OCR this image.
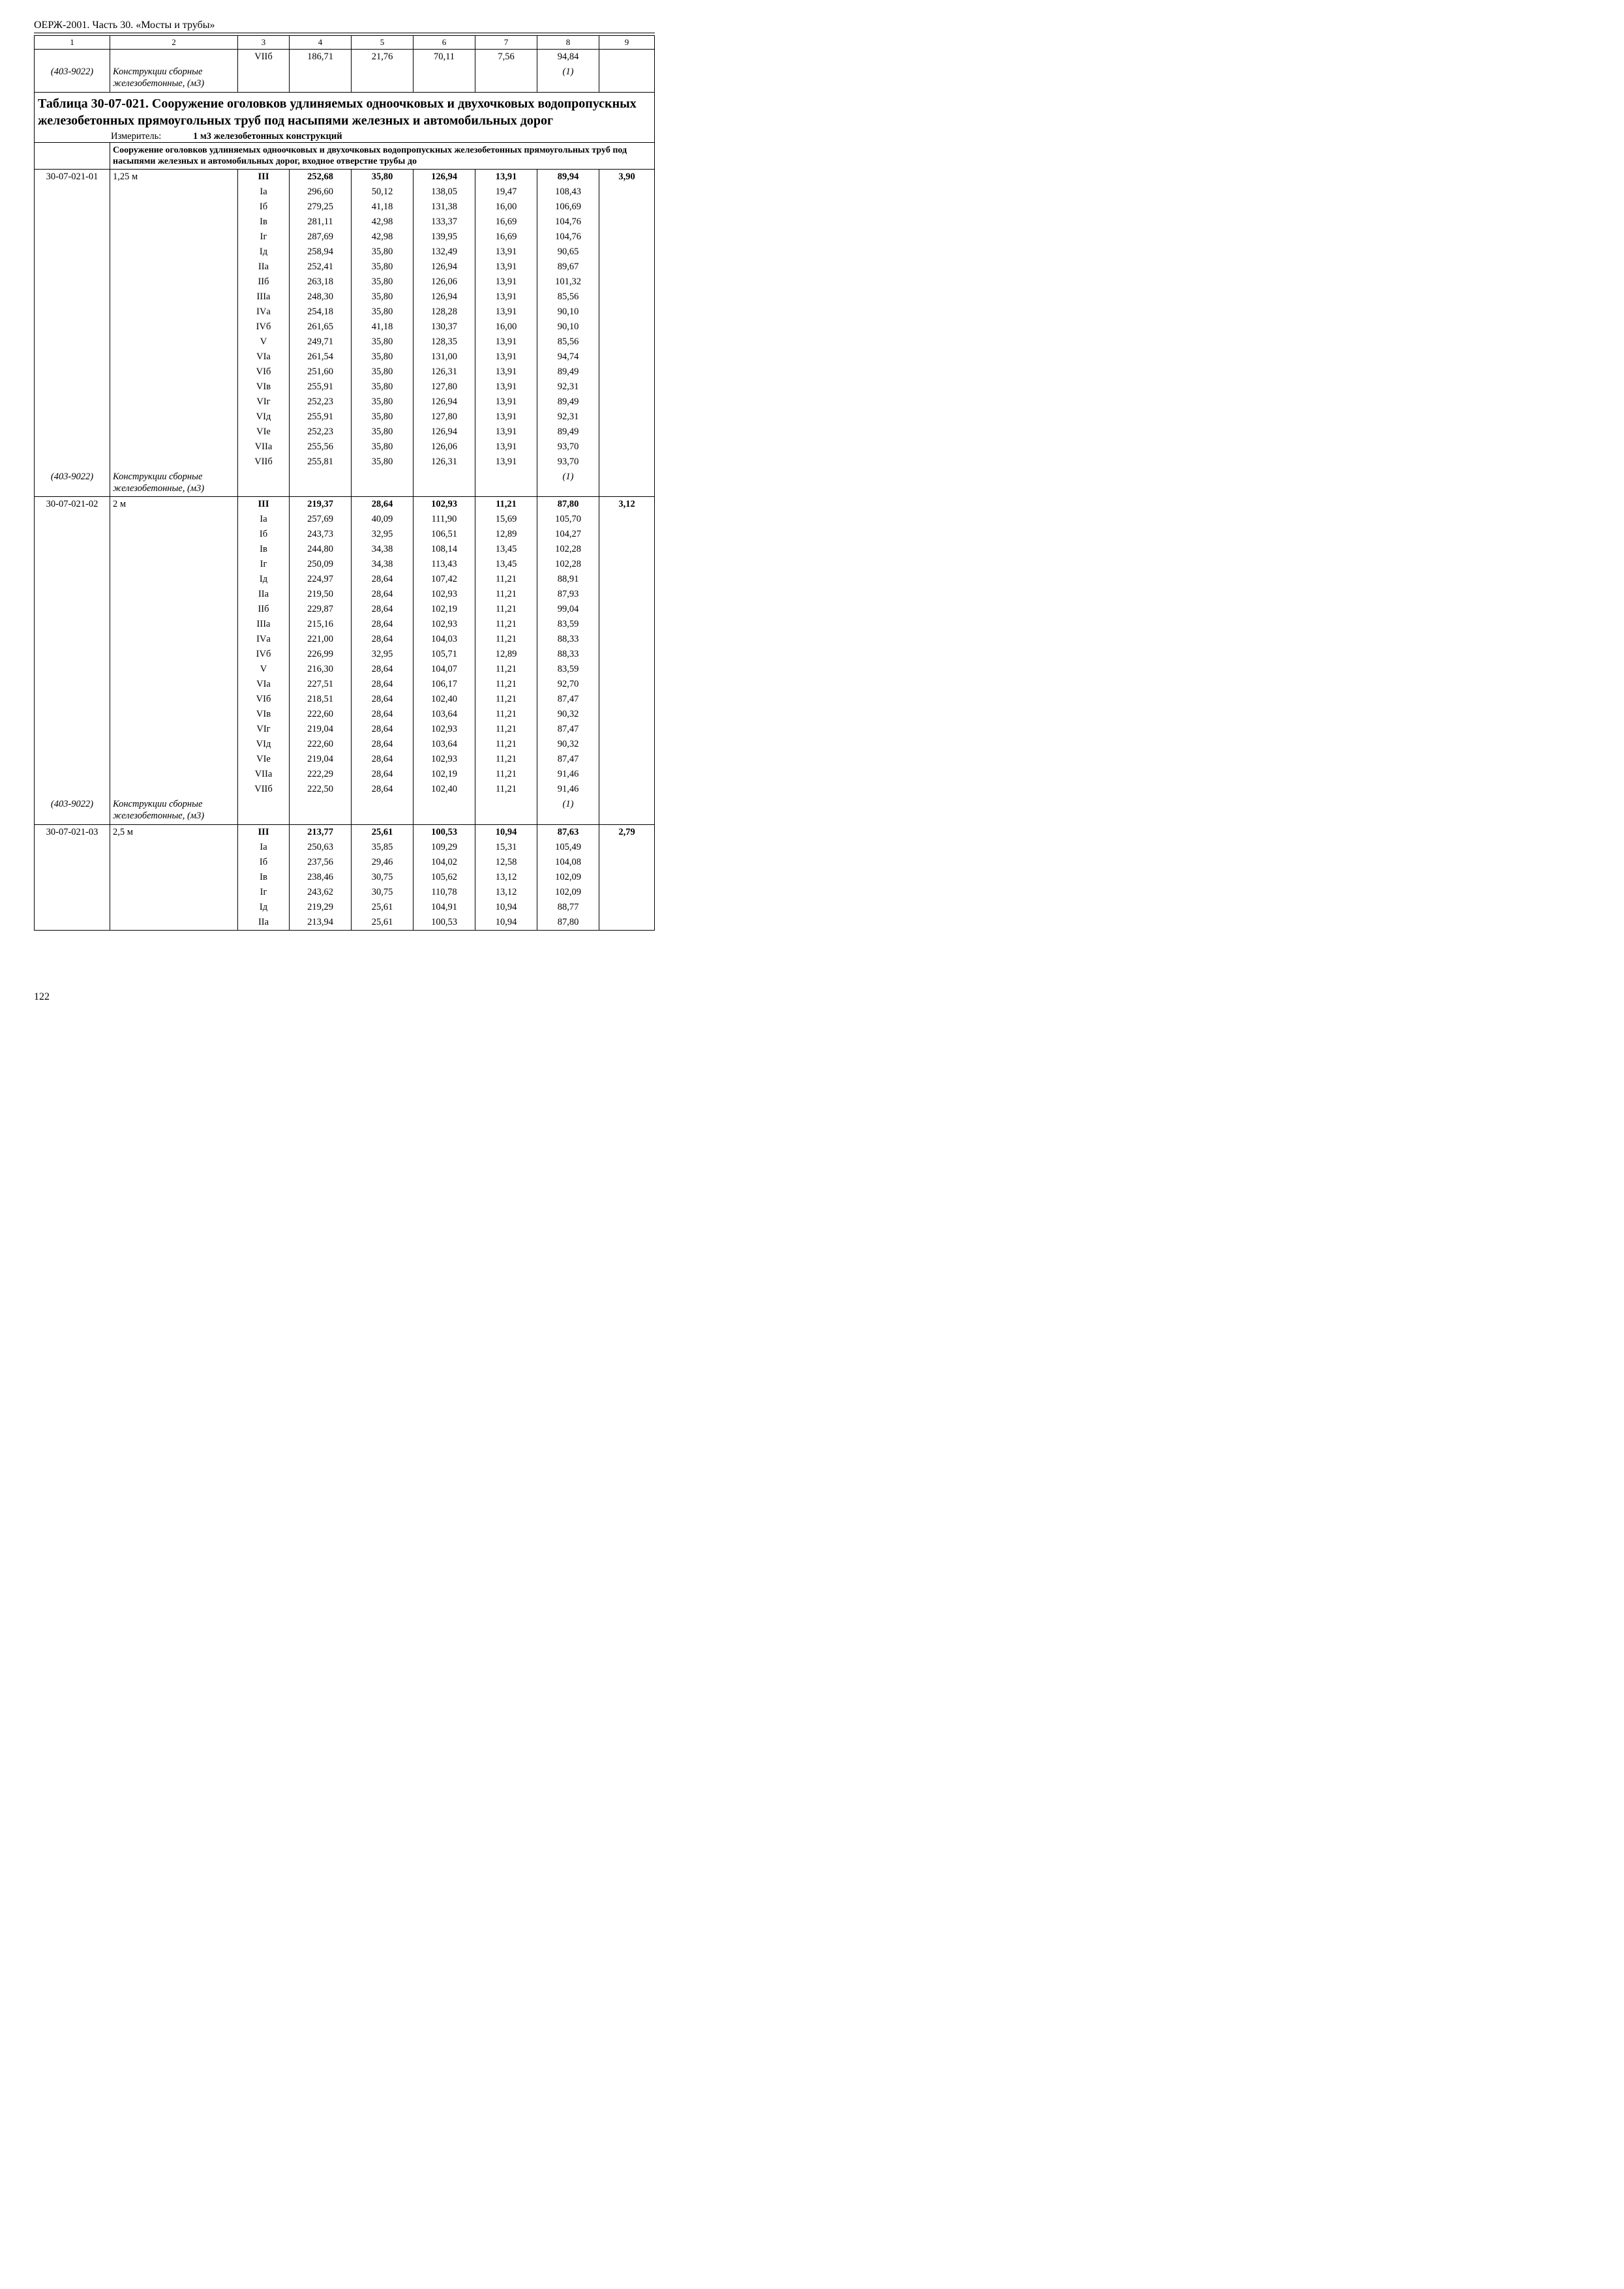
ОЕРЖ-2001. Часть 30. «Мосты и трубы»
1	2	3	4	5	6	7	8	9
		VIIб	186,71	21,76	70,11	7,56	94,84	
(403-9022)	Конструкции сборные железобетонные, (м3)						(1)	
Таблица 30-07-021. Сооружение оголовков удлиняемых одноочковых и двухочковых водопропускных железобетонных прямоугольных труб под насыпями железных и автомобильных дорог								
Измеритель: 1 м3 железобетонных конструкций								
	Сооружение оголовков удлиняемых одноочковых и двухочковых водопропускных железобетонных прямоугольных труб под насыпями железных и автомобильных дорог, входное отверстие трубы до							
30-07-021-01	1,25 м	III	252,68	35,80	126,94	13,91	89,94	3,90
		Iа	296,60	50,12	138,05	19,47	108,43	
		Iб	279,25	41,18	131,38	16,00	106,69	
		Iв	281,11	42,98	133,37	16,69	104,76	
		Iг	287,69	42,98	139,95	16,69	104,76	
		Iд	258,94	35,80	132,49	13,91	90,65	
		IIа	252,41	35,80	126,94	13,91	89,67	
		IIб	263,18	35,80	126,06	13,91	101,32	
		IIIа	248,30	35,80	126,94	13,91	85,56	
		IVа	254,18	35,80	128,28	13,91	90,10	
		IVб	261,65	41,18	130,37	16,00	90,10	
		V	249,71	35,80	128,35	13,91	85,56	
		VIа	261,54	35,80	131,00	13,91	94,74	
		VIб	251,60	35,80	126,31	13,91	89,49	
		VIв	255,91	35,80	127,80	13,91	92,31	
		VIг	252,23	35,80	126,94	13,91	89,49	
		VIд	255,91	35,80	127,80	13,91	92,31	
		VIе	252,23	35,80	126,94	13,91	89,49	
		VIIа	255,56	35,80	126,06	13,91	93,70	
		VIIб	255,81	35,80	126,31	13,91	93,70	
(403-9022)	Конструкции сборные железобетонные, (м3)						(1)	
30-07-021-02	2 м	III	219,37	28,64	102,93	11,21	87,80	3,12
		Iа	257,69	40,09	111,90	15,69	105,70	
		Iб	243,73	32,95	106,51	12,89	104,27	
		Iв	244,80	34,38	108,14	13,45	102,28	
		Iг	250,09	34,38	113,43	13,45	102,28	
		Iд	224,97	28,64	107,42	11,21	88,91	
		IIа	219,50	28,64	102,93	11,21	87,93	
		IIб	229,87	28,64	102,19	11,21	99,04	
		IIIа	215,16	28,64	102,93	11,21	83,59	
		IVа	221,00	28,64	104,03	11,21	88,33	
		IVб	226,99	32,95	105,71	12,89	88,33	
		V	216,30	28,64	104,07	11,21	83,59	
		VIа	227,51	28,64	106,17	11,21	92,70	
		VIб	218,51	28,64	102,40	11,21	87,47	
		VIв	222,60	28,64	103,64	11,21	90,32	
		VIг	219,04	28,64	102,93	11,21	87,47	
		VIд	222,60	28,64	103,64	11,21	90,32	
		VIе	219,04	28,64	102,93	11,21	87,47	
		VIIа	222,29	28,64	102,19	11,21	91,46	
		VIIб	222,50	28,64	102,40	11,21	91,46	
(403-9022)	Конструкции сборные железобетонные, (м3)						(1)	
30-07-021-03	2,5 м	III	213,77	25,61	100,53	10,94	87,63	2,79
		Iа	250,63	35,85	109,29	15,31	105,49	
		Iб	237,56	29,46	104,02	12,58	104,08	
		Iв	238,46	30,75	105,62	13,12	102,09	
		Iг	243,62	30,75	110,78	13,12	102,09	
		Iд	219,29	25,61	104,91	10,94	88,77	
		IIа	213,94	25,61	100,53	10,94	87,80	
122
